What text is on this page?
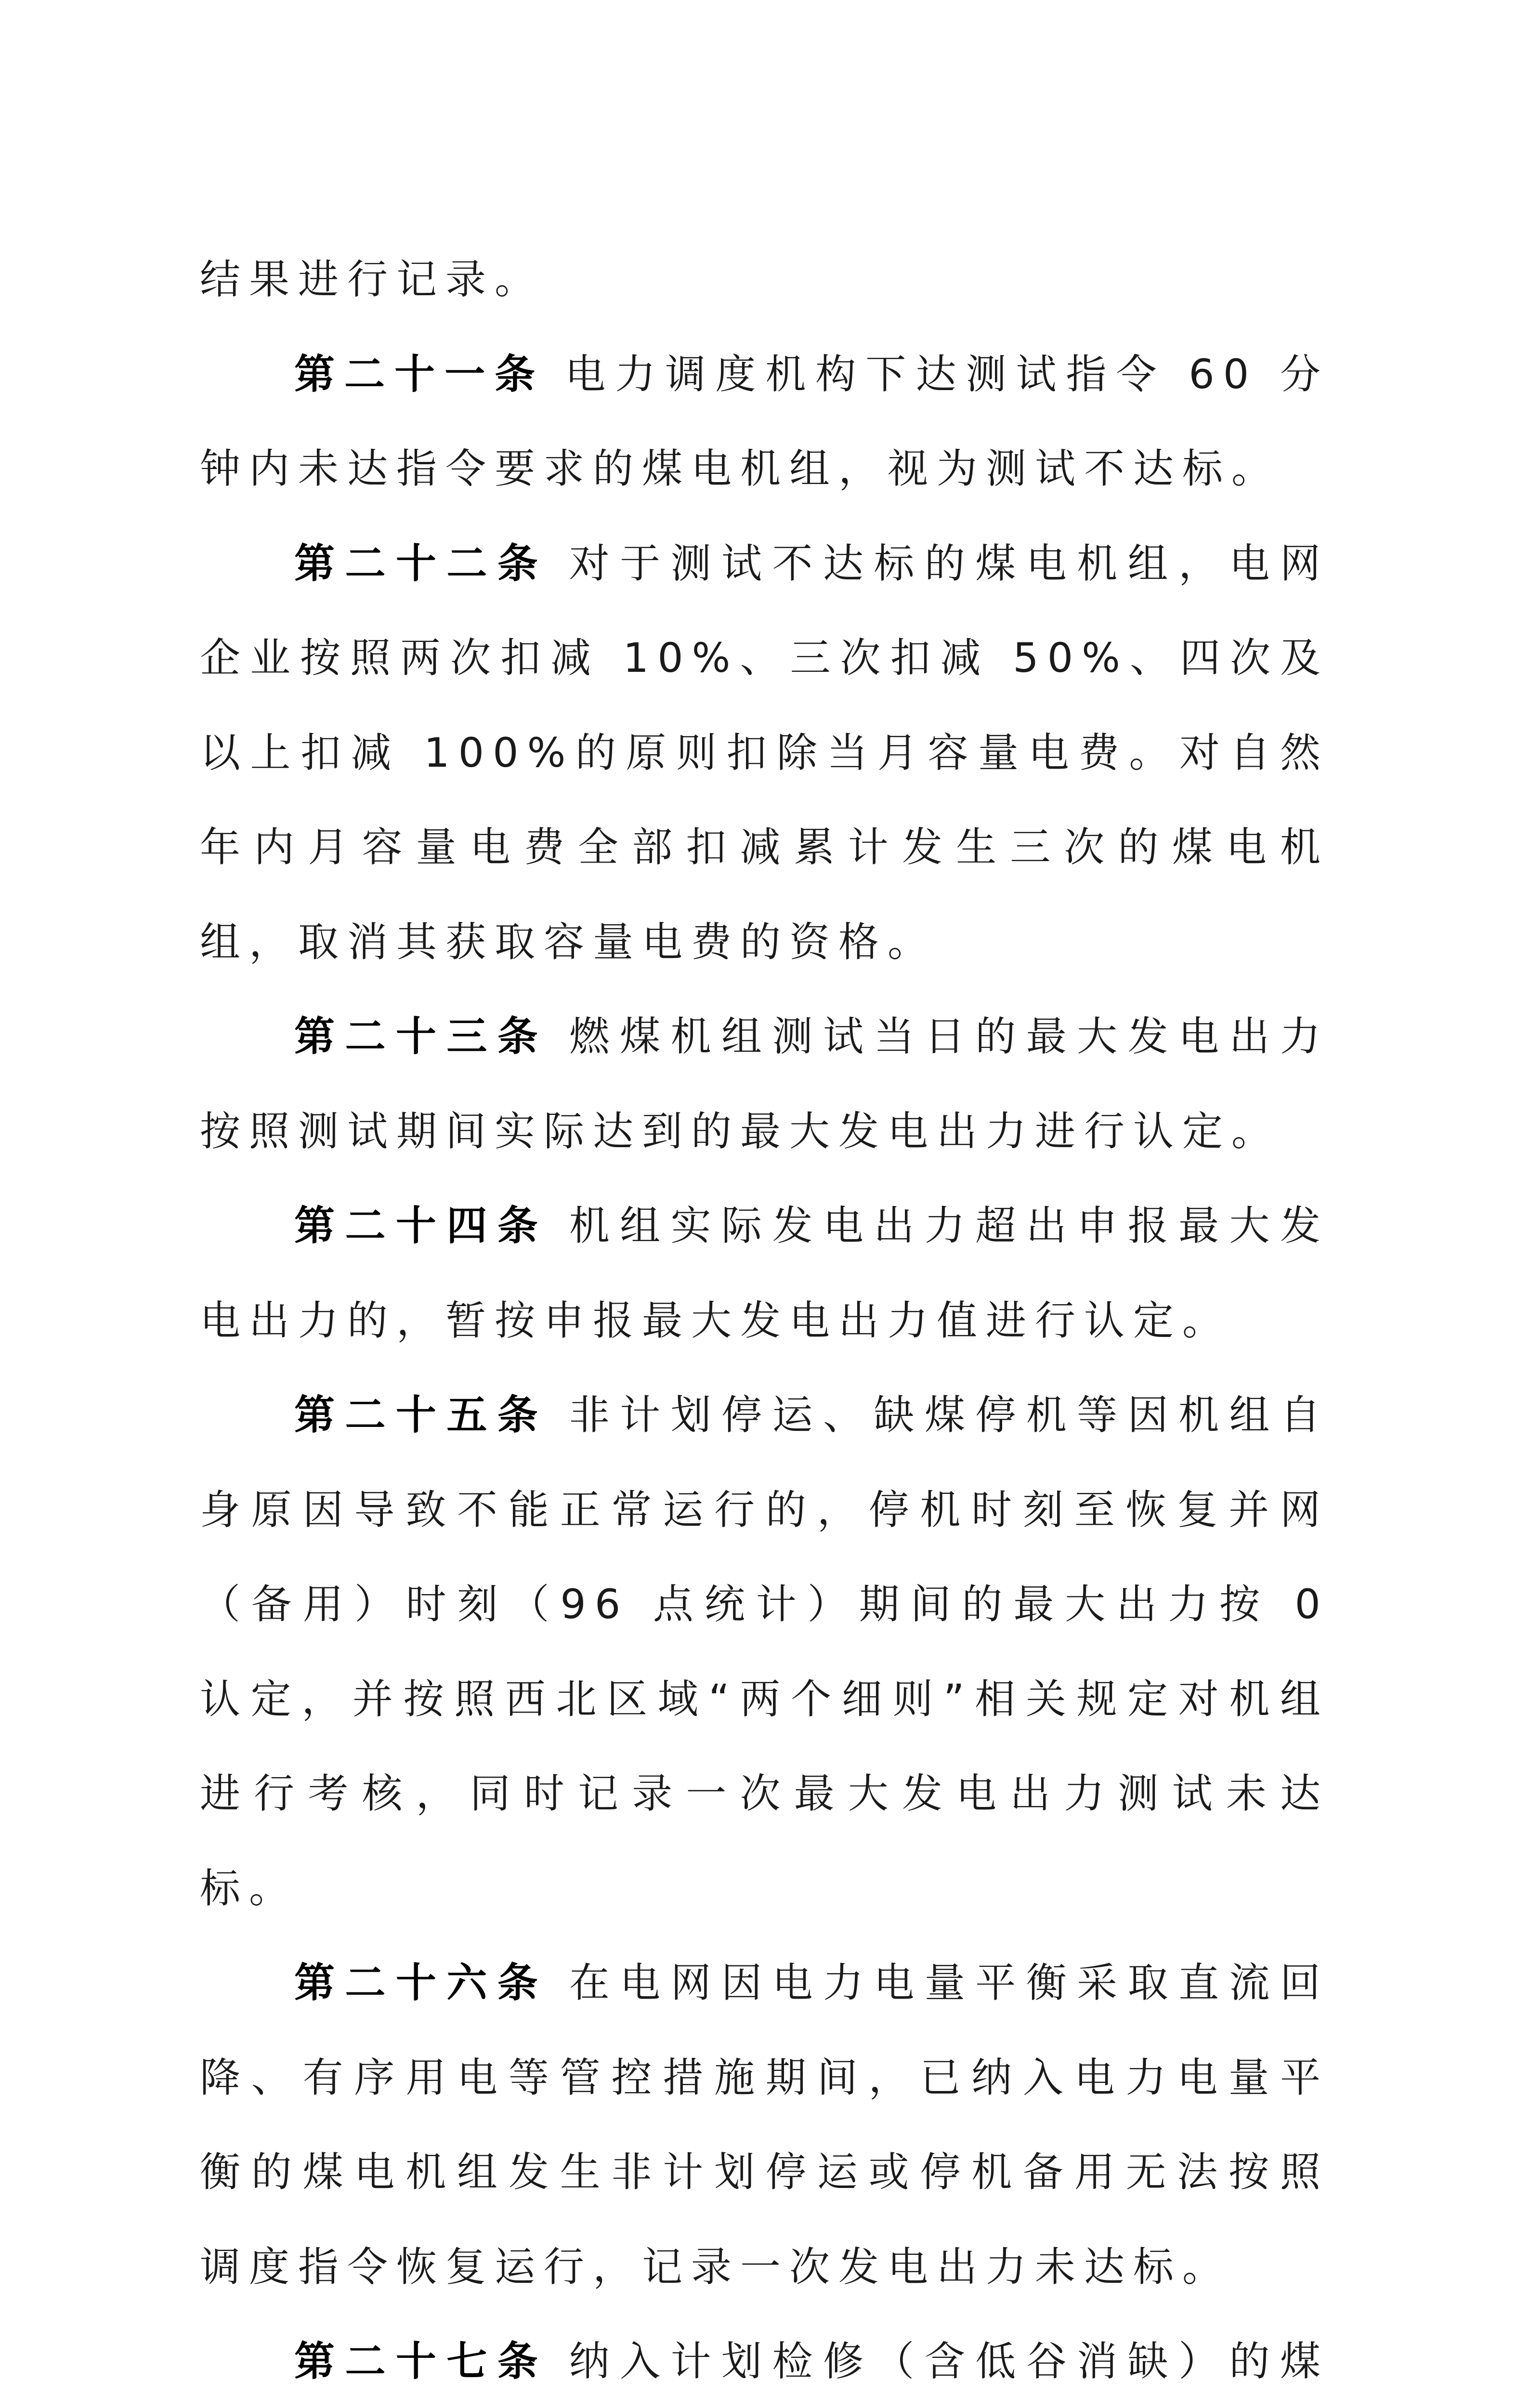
结果进行记录。

第二十一条 电力调度机构下达测试指令 60 分钟内未达指令要求的煤电机组，视为测试不达标。

第二十二条 对于测试不达标的煤电机组，电网企业按照两次扣减 10%、三次扣减 50%、四次及以上扣减 100%的原则扣除当月容量电费。对自然年内月容量电费全部扣减累计发生三次的煤电机组，取消其获取容量电费的资格。

第二十三条 燃煤机组测试当日的最大发电出力按照测试期间实际达到的最大发电出力进行认定。

第二十四条 机组实际发电出力超出申报最大发电出力的，暂按申报最大发电出力值进行认定。

第二十五条 非计划停运、缺煤停机等因机组自身原因导致不能正常运行的，停机时刻至恢复并网（备用）时刻（96 点统计）期间的最大出力按 0 认定，并按照西北区域“两个细则”相关规定对机组进行考核，同时记录一次最大发电出力测试未达标。

第二十六条 在电网因电力电量平衡采取直流回降、有序用电等管控措施期间，已纳入电力电量平衡的煤电机组发生非计划停运或停机备用无法按照调度指令恢复运行，记录一次发电出力未达标。

第二十七条 纳入计划检修（含低谷消缺）的煤
